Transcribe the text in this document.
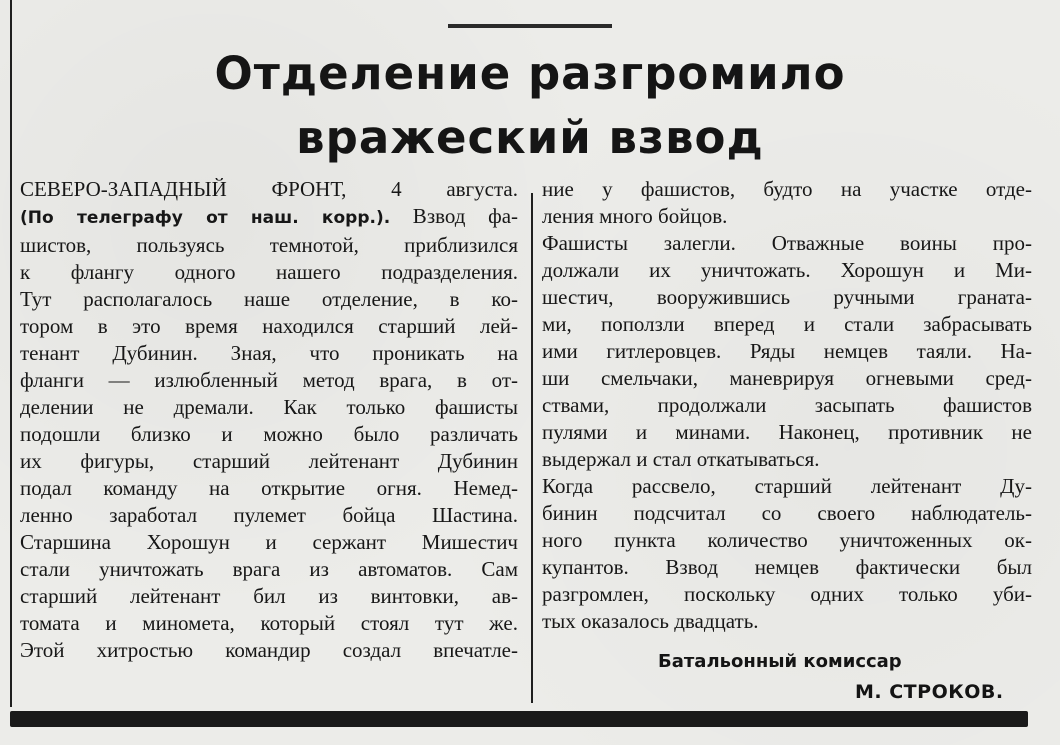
Отделение разгромило
вражеский взвод
СЕВЕРО-ЗАПАДНЫЙ ФРОНТ, 4 августа.
(По телеграфу от наш. корр.). Взвод фа-
шистов, пользуясь темнотой, приблизился
к флангу одного нашего подразделения.
Тут располагалось наше отделение, в ко-
тором в это время находился старший лей-
тенант Дубинин. Зная, что проникать на
фланги — излюбленный метод врага, в от-
делении не дремали. Как только фашисты
подошли близко и можно было различать
их фигуры, старший лейтенант Дубинин
подал команду на открытие огня. Немед-
ленно заработал пулемет бойца Шастина.
Старшина Хорошун и сержант Мишестич
стали уничтожать врага из автоматов. Сам
старший лейтенант бил из винтовки, ав-
томата и миномета, который стоял тут же.
Этой хитростью командир создал впечатле-
ние у фашистов, будто на участке отде-
ления много бойцов.
Фашисты залегли. Отважные воины про-
должали их уничтожать. Хорошун и Ми-
шестич, вооружившись ручными граната-
ми, поползли вперед и стали забрасывать
ими гитлеровцев. Ряды немцев таяли. На-
ши смельчаки, маневрируя огневыми сред-
ствами, продолжали засыпать фашистов
пулями и минами. Наконец, противник не
выдержал и стал откатываться.
Когда рассвело, старший лейтенант Ду-
бинин подсчитал со своего наблюдатель-
ного пункта количество уничтоженных ок-
купантов. Взвод немцев фактически был
разгромлен, поскольку одних только уби-
тых оказалось двадцать.
Батальонный комиссар
М. СТРОКОВ.
